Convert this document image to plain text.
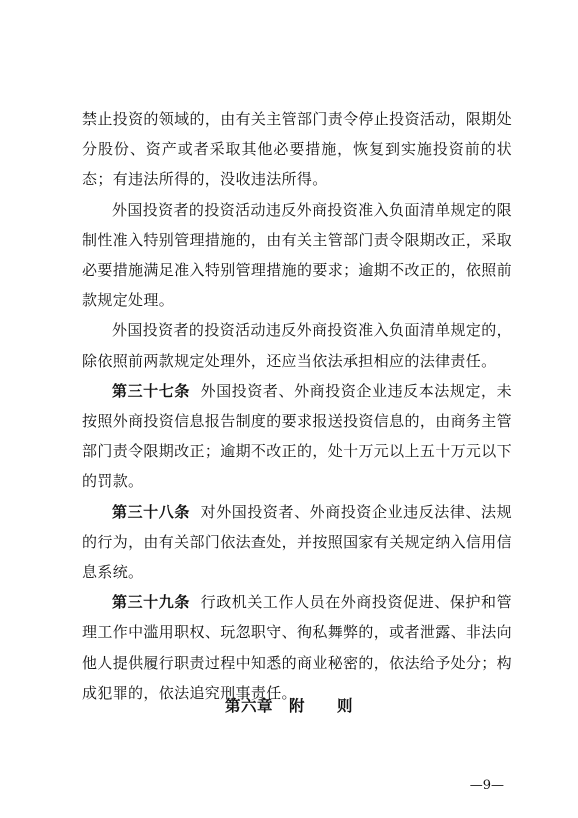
禁止投资的领域的，由有关主管部门责令停止投资活动，限期处分股份、资产或者采取其他必要措施，恢复到实施投资前的状态；有违法所得的，没收违法所得。

外国投资者的投资活动违反外商投资准入负面清单规定的限制性准入特别管理措施的，由有关主管部门责令限期改正，采取必要措施满足准入特别管理措施的要求；逾期不改正的，依照前款规定处理。

外国投资者的投资活动违反外商投资准入负面清单规定的，除依照前两款规定处理外，还应当依法承担相应的法律责任。

第三十七条 外国投资者、外商投资企业违反本法规定，未按照外商投资信息报告制度的要求报送投资信息的，由商务主管部门责令限期改正；逾期不改正的，处十万元以上五十万元以下的罚款。

第三十八条 对外国投资者、外商投资企业违反法律、法规的行为，由有关部门依法查处，并按照国家有关规定纳入信用信息系统。

第三十九条 行政机关工作人员在外商投资促进、保护和管理工作中滥用职权、玩忽职守、徇私舞弊的，或者泄露、非法向他人提供履行职责过程中知悉的商业秘密的，依法给予处分；构成犯罪的，依法追究刑事责任。

第六章　附　　则
—9—
